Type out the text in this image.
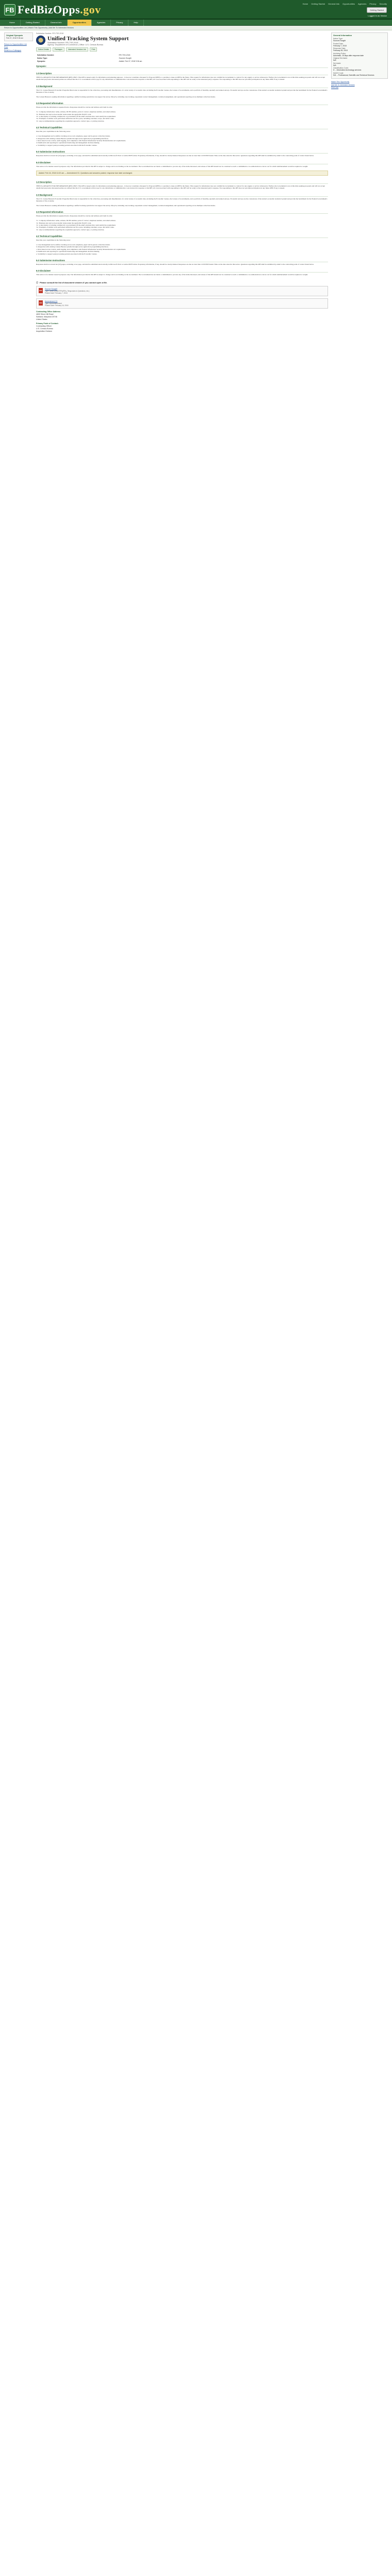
FB FedBizOpps.gov	Home Getting Started General Info Opportunities Agencies Privacy Security
Getting Started
Logged in as Vendor
Home	Getting Started	General Info	Opportunities	Agencies	Privacy	Help
Return to Opportunities List | Watch This Opportunity | Add Me To Interested Vendors
Original Synopsis
Feb 07, 2018 9:36 am
Return to Opportunities List
Print
Email to a Colleague
Solicitation Number: RFI-TSS-2018
Unified Tracking System Support
Solicitation Number: RFI-TSS-2018
Agency: Department of Commerce | Office: U.S. Census Bureau
Notice Details	Packages	Interested Vendors List	Print
Solicitation Number:	RFI-TSS-2018
Notice Type:	Sources Sought
Synopsis:	Added: Feb 07, 2018 9:36 am
Synopsis:
1.0 Description
THIS IS A REQUEST FOR INFORMATION (RFI) ONLY. This RFI is issued solely for information and planning purposes - it does not constitute a Request for Proposal (RFP) or a promise to issue an RFP in the future. This request for information does not commit the Government to contract for any supply or service whatsoever. Further, the Government is not at this time seeking proposals and will not accept unsolicited proposals. Interested parties are advised that the U.S. Government will not pay for any information or administrative costs incurred in response to this RFI; all costs associated with responding to this RFI will be solely at the interested party's expense. Not responding to this RFI does not preclude participation in any future RFP, if any is issued.
2.0 Background
The U.S. Census Bureau's Economic Programs Directorate is responsible for the collection, processing and dissemination of a wide variety of economic data, including the Economic Census, the Census of Governments, and a portfolio of monthly, quarterly and annual surveys. Economic surveys are the cornerstone of the nation's economic statistical system and provide the benchmark for the Federal Government's measures of the economy.

The Census Bureau is seeking information regarding a unified tracking system that can support the survey lifecycle, including case tracking, respondent contact management, workload assignment, and operational reporting across multiple collection modes.
3.0 Requested Information
Please provide the information requested below. Responses should be concise and address each item in order.

3.1  Company information: name, address, DUNS number, point of contact, telephone number, and email address.
3.2  Business size and socioeconomic status under the applicable NAICS code.
3.3  A description of existing commercial or government off-the-shelf solutions that could satisfy the requirement.
3.4  Examples of similar work performed within the last five years, including customer, scope, and dollar value.
3.5  Any recommendations regarding the acquisition approach, contract type, or pricing structure.
4.0 Technical Capabilities
Describe your capabilities in the following areas:

a. Case management and workflow tracking across web, telephone, paper and in-person collection modes.
b. Integration with existing Census Bureau systems through secure application programming interfaces.
c. Role-based access control, audit logging, and compliance with Federal Information Security Modernization Act requirements.
d. Dashboards and reporting for operational monitoring and management decision making.
e. Scalability to support peak processing periods associated with the Economic Census.
5.0 Submission Instructions
Responses shall not exceed ten (10) pages, excluding cover page, and shall be submitted electronically in Microsoft Word or Adobe PDF format. Proprietary information, if any, should be clearly marked. Responses are due no later than 12:00 PM Eastern Time on the date stated in this notice. Questions regarding this RFI shall be submitted by email to the contracting point of contact listed below.
6.0 Disclaimer
This notice is for market research purposes only. The information provided in this RFI is subject to change and is not binding on the Government. The Government has not made a commitment to procure any of the items discussed, and release of this RFI should not be construed as such a commitment or as authorization to incur cost for which reimbursement would be required or sought.
Added: Feb 16, 2018 11:02 am — Amendment 01: Questions and answers posted; response due date unchanged.
1.0 Description
THIS IS A REQUEST FOR INFORMATION (RFI) ONLY. This RFI is issued solely for information and planning purposes - it does not constitute a Request for Proposal (RFP) or a promise to issue an RFP in the future. This request for information does not commit the Government to contract for any supply or service whatsoever. Further, the Government is not at this time seeking proposals and will not accept unsolicited proposals. Interested parties are advised that the U.S. Government will not pay for any information or administrative costs incurred in response to this RFI; all costs associated with responding to this RFI will be solely at the interested party's expense. Not responding to this RFI does not preclude participation in any future RFP, if any is issued.
2.0 Background
The U.S. Census Bureau's Economic Programs Directorate is responsible for the collection, processing and dissemination of a wide variety of economic data, including the Economic Census, the Census of Governments, and a portfolio of monthly, quarterly and annual surveys. Economic surveys are the cornerstone of the nation's economic statistical system and provide the benchmark for the Federal Government's measures of the economy.

The Census Bureau is seeking information regarding a unified tracking system that can support the survey lifecycle, including case tracking, respondent contact management, workload assignment, and operational reporting across multiple collection modes.
3.0 Requested Information
Please provide the information requested below. Responses should be concise and address each item in order.

3.1  Company information: name, address, DUNS number, point of contact, telephone number, and email address.
3.2  Business size and socioeconomic status under the applicable NAICS code.
3.3  A description of existing commercial or government off-the-shelf solutions that could satisfy the requirement.
3.4  Examples of similar work performed within the last five years, including customer, scope, and dollar value.
3.5  Any recommendations regarding the acquisition approach, contract type, or pricing structure.
4.0 Technical Capabilities
Describe your capabilities in the following areas:

a. Case management and workflow tracking across web, telephone, paper and in-person collection modes.
b. Integration with existing Census Bureau systems through secure application programming interfaces.
c. Role-based access control, audit logging, and compliance with Federal Information Security Modernization Act requirements.
d. Dashboards and reporting for operational monitoring and management decision making.
e. Scalability to support peak processing periods associated with the Economic Census.
5.0 Submission Instructions
Responses shall not exceed ten (10) pages, excluding cover page, and shall be submitted electronically in Microsoft Word or Adobe PDF format. Proprietary information, if any, should be clearly marked. Responses are due no later than 12:00 PM Eastern Time on the date stated in this notice. Questions regarding this RFI shall be submitted by email to the contracting point of contact listed below.
6.0 Disclaimer
This notice is for market research purposes only. The information provided in this RFI is subject to change and is not binding on the Government. The Government has not made a commitment to procure any of the items discussed, and release of this RFI should not be construed as such a commitment or as authorization to incur cost for which reimbursement would be required or sought.
ⓘ Please consult the list of document viewers if you cannot open a file.
PDF
Source Sought
Type: Other (Draft RFPs/RFIs, Responses to Questions, etc.)
Posted Date: February 7, 2018
PDF
Amendment 01
Type: Mod/Amendment
Posted Date: February 16, 2018
Contracting Office Address:
4600 Silver Hill Road
Suitland, Maryland 20746
United States
Primary Point of Contact.:
Contracting Officer
U.S. Census Bureau
Acquisition Division
General Information
Notice Type:
Sources Sought
Posted Date:
February 7, 2018
Response Date:
February 28, 2018
Archiving Policy:
Automatic, 15 days after response date
Original Set Aside:
N/A
Set Aside:
N/A
Classification Code:
D -- Information technology services
NAICS Code:
541 -- Professional, Scientific and Technical Services
Watch This Opportunity
Add Me To Interested Vendors
Print Link
